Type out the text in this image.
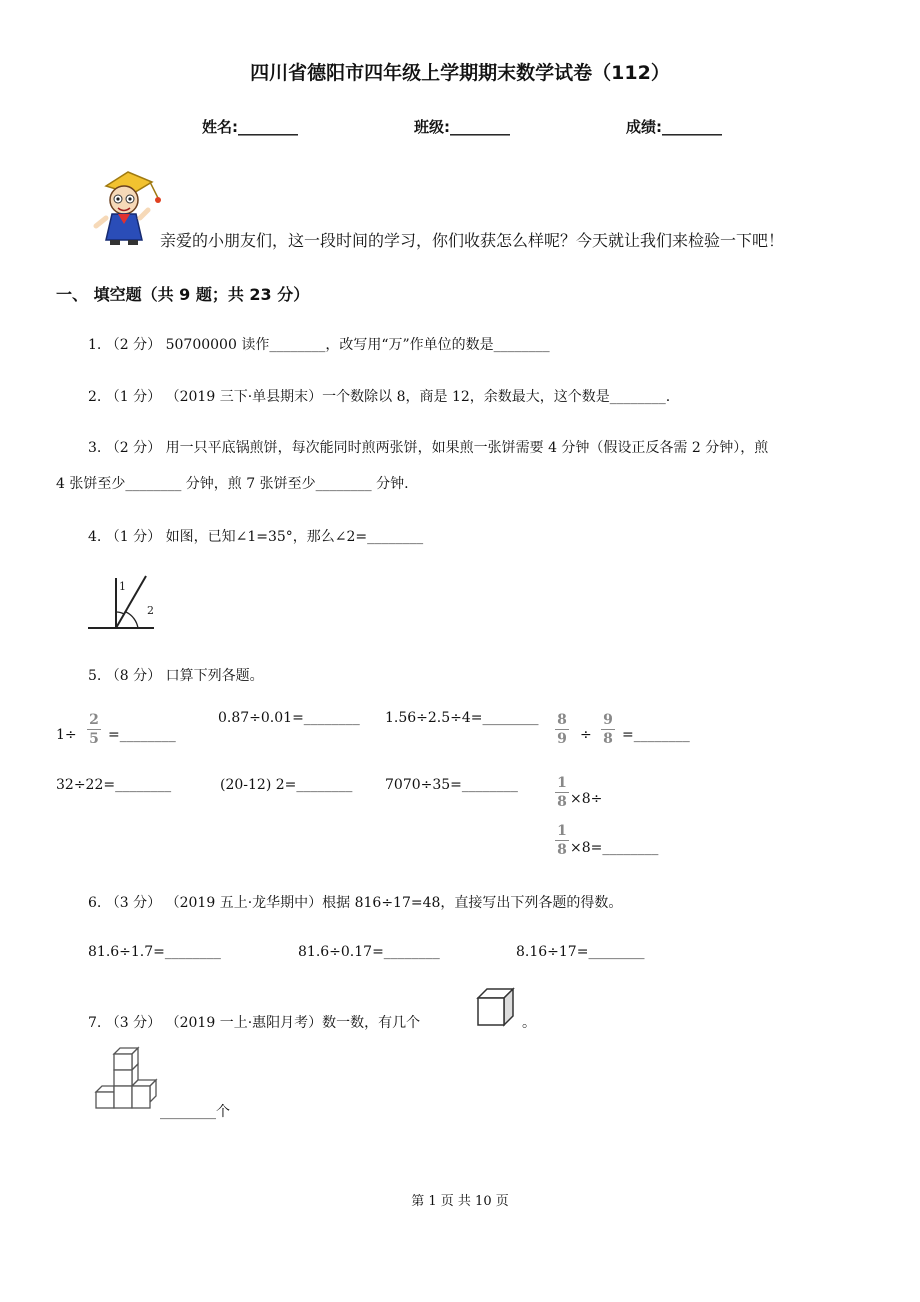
四川省德阳市四年级上学期期末数学试卷（112）
姓名:________	班级:________	成绩:________
亲爱的小朋友们，这一段时间的学习，你们收获怎么样呢？今天就让我们来检验一下吧！
一、 填空题（共 9 题；共 23 分）
1. （2 分） 50700000 读作________，改写用“万”作单位的数是________
2. （1 分） （2019 三下·单县期末）一个数除以 8，商是 12，余数最大，这个数是________.
3. （2 分） 用一只平底锅煎饼，每次能同时煎两张饼，如果煎一张饼需要 4 分钟（假设正反各需 2 分钟），煎
4 张饼至少________ 分钟，煎 7 张饼至少________ 分钟.
4. （1 分） 如图，已知∠1=35°，那么∠2=________
1
2
5. （8 分） 口算下列各题。
1÷
2
5 =________
0.87÷0.01=________ 1.56÷2.5÷4=________ 8
9 ÷
9
8 =________
32÷22=________	(20-12) 2=________ 7070÷35=________	1
8 ×8÷
1
8 ×8=________
6. （3 分） （2019 五上·龙华期中）根据 816÷17=48，直接写出下列各题的得数。
81.6÷1.7=________	81.6÷0.17=________	8.16÷17=________
7. （3 分） （2019 一上·惠阳月考）数一数，有几个	。
________个
第 1 页 共 10 页
